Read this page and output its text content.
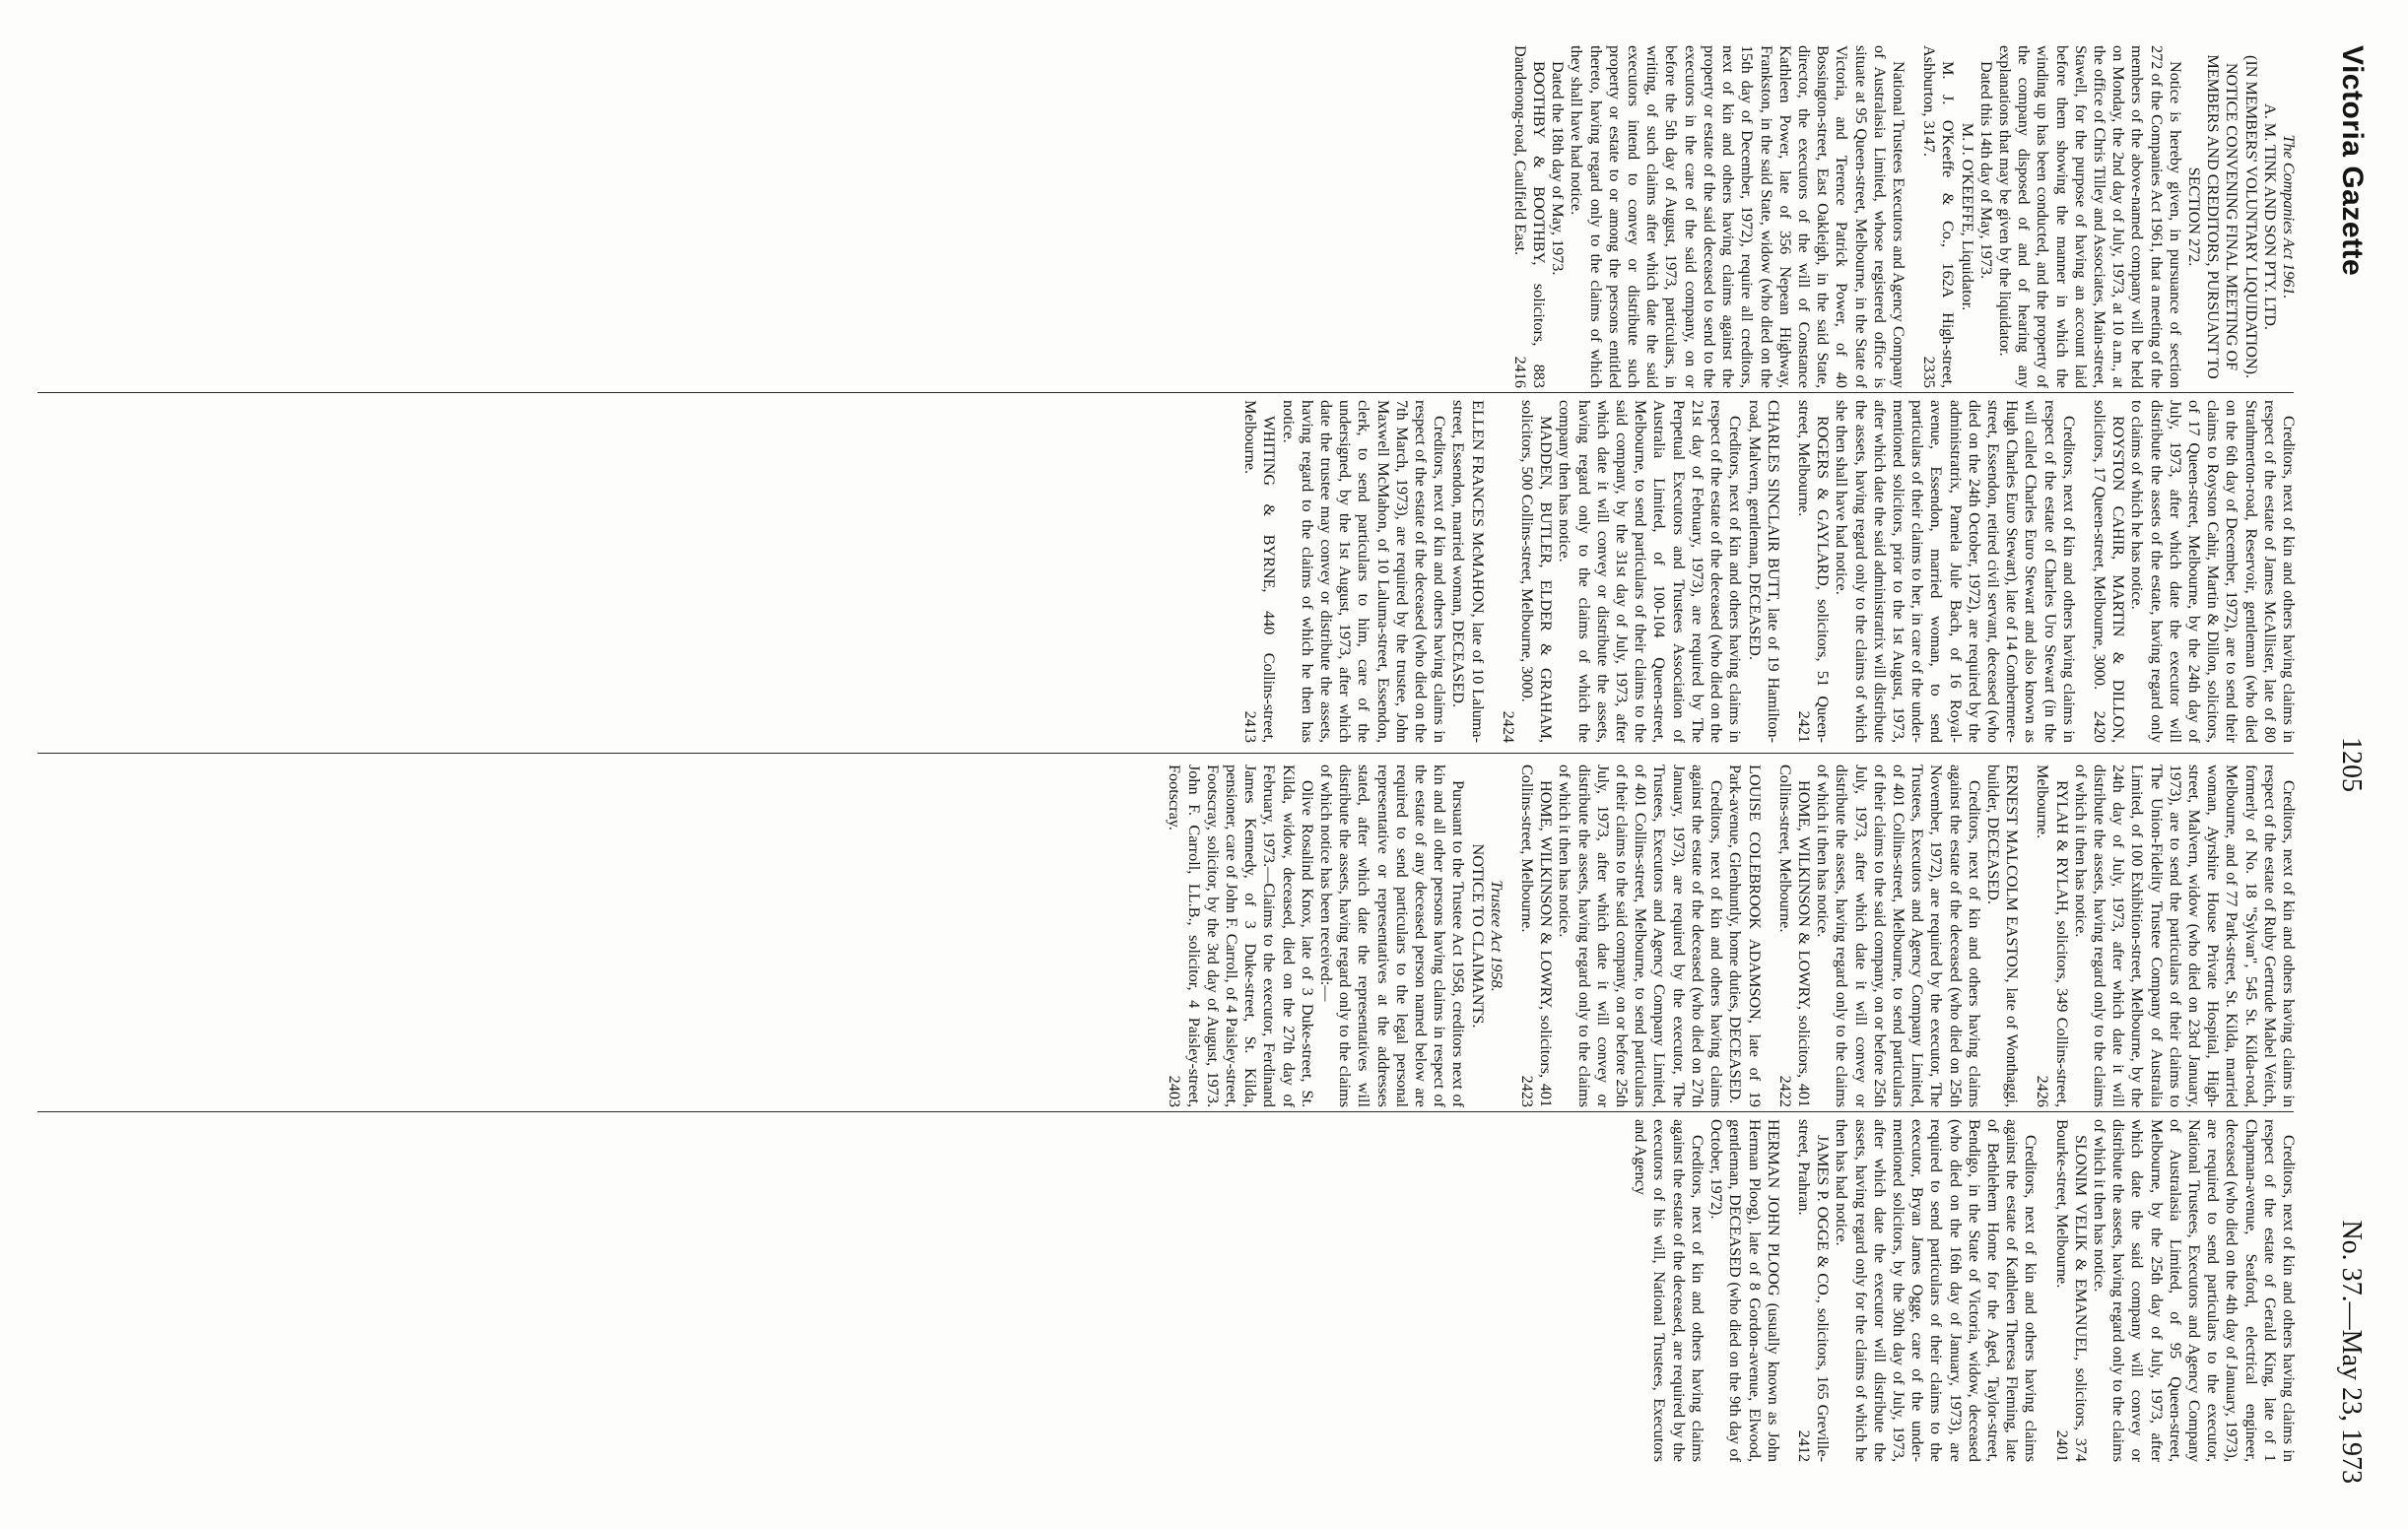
Victoria Gazette
1205
No. 37.—May 23, 1973

The Companies Act 1961.

A. M. TINK AND SON PTY. LTD.

(IN MEMBERS' VOLUNTARY LIQUIDATION).

NOTICE CONVENING FINAL MEETING OF MEMBERS AND CREDITORS, PURSUANT TO SECTION 272.

Notice is hereby given, in pursuance of section 272 of the Companies Act 1961, that a meeting of the members of the above-named company will be held on Monday, the 2nd day of July, 1973, at 10 a.m., at the office of Chris Tilley and Associates, Main-street, Stawell, for the purpose of having an account laid before them showing the manner in which the winding up has been conducted, and the property of the company disposed of and of hearing any explanations that may be given by the liquidator.

Dated this 14th day of May, 1973.

M. J. O'KEEFFE, Liquidator.

M. J. O'Keeffe & Co., 162A High-street, Ashburton, 3147.
2335

National Trustees Executors and Agency Company of Australasia Limited, whose registered office is situate at 95 Queen-street, Melbourne, in the State of Victoria, and Terence Patrick Power, of 40 Bossington-street, East Oakleigh, in the said State, director, the executors of the will of Constance Kathleen Power, late of 356 Nepean Highway, Frankston, in the said State, widow (who died on the 15th day of December, 1972), require all creditors, next of kin and others having claims against the property or estate of the said deceased to send to the executors in the care of the said company, on or before the 5th day of August, 1973, particulars, in writing, of such claims after which date the said executors intend to convey or distribute such property or estate to or among the persons entitled thereto, having regard only to the claims of which they shall have had notice.

Dated the 18th day of May, 1973.

BOOTHBY & BOOTHBY, solicitors, 883 Dandenong-road, Caulfield East.
2416

Creditors, next of kin and others having claims in respect of the estate of James McAllister, late of 80 Strathmerton-road, Reservoir, gentleman (who died on the 6th day of December, 1972), are to send their claims to Royston Cahir, Martin & Dillon, solicitors, of 17 Queen-street, Melbourne, by the 24th day of July, 1973, after which date the executor will distribute the assets of the estate, having regard only to claims of which he has notice.

ROYSTON CAHIR, MARTIN & DILLON, solicitors, 17 Queen-street, Melbourne, 3000.
2420

Creditors, next of kin and others having claims in respect of the estate of Charles Uro Stewart (in the will called Charles Euro Stewart and also known as Hugh Charles Euro Stewart), late of 14 Combermere-street, Essendon, retired civil servant, deceased (who died on the 24th October, 1972), are required by the administratrix, Pamela Jule Bach, of 16 Royal-avenue, Essendon, married woman, to send particulars of their claims to her, in care of the under-mentioned solicitors, prior to the 1st August, 1973, after which date the said administratrix will distribute the assets, having regard only to the claims of which she then shall have had notice.

ROGERS & GAYLARD, solicitors, 51 Queen-street, Melbourne.
2421

CHARLES SINCLAIR BUTT, late of 19 Hamilton-road, Malvern, gentleman, DECEASED.

Creditors, next of kin and others having claims in respect of the estate of the deceased (who died on the 21st day of February, 1973), are required by The Perpetual Executors and Trustees Association of Australia Limited, of 100-104 Queen-street, Melbourne, to send particulars of their claims to the said company, by the 31st day of July, 1973, after which date it will convey or distribute the assets, having regard only to the claims of which the company then has notice.

MADDEN, BUTLER, ELDER & GRAHAM, solicitors, 500 Collins-street, Melbourne, 3000.
2424

ELLEN FRANCES McMAHON, late of 10 Laluma-street, Essendon, married woman, DECEASED.

Creditors, next of kin and others having claims in respect of the estate of the deceased (who died on the 7th March, 1973), are required by the trustee, John Maxwell McMahon, of 10 Laluma-street, Essendon, clerk, to send particulars to him, care of the undersigned, by the 1st August, 1973, after which date the trustee may convey or distribute the assets, having regard to the claims of which he then has notice.

WHITING & BYRNE, 440 Collins-street, Melbourne.
2413

Creditors, next of kin and others having claims in respect of the estate of Ruby Gertrude Mabel Veitch, formerly of No. 18 "Sylvan", 545 St. Kilda-road, Melbourne, and of 77 Park-street, St. Kilda, married woman, Ayrshire House Private Hospital, High-street, Malvern, widow (who died on 23rd January, 1973), are to send the particulars of their claims to The Union-Fidelity Trustee Company of Australia Limited, of 100 Exhibition-street, Melbourne, by the 24th day of July, 1973, after which date it will distribute the assets, having regard only to the claims of which it then has notice.

RYLAH & RYLAH, solicitors, 349 Collins-street, Melbourne.
2426

ERNEST MALCOLM EASTON, late of Wonthaggi, builder, DECEASED.

Creditors, next of kin and others having claims against the estate of the deceased (who died on 25th November, 1972), are required by the executor, The Trustees, Executors and Agency Company Limited, of 401 Collins-street, Melbourne, to send particulars of their claims to the said company, on or before 25th July, 1973, after which date it will convey or distribute the assets, having regard only to the claims of which it then has notice.

HOME, WILKINSON & LOWRY, solicitors, 401 Collins-street, Melbourne.
2422

LOUISE COLEBROOK ADAMSON, late of 19 Park-avenue, Glenhuntly, home duties, DECEASED.

Creditors, next of kin and others having claims against the estate of the deceased (who died on 27th January, 1973), are required by the executor, The Trustees, Executors and Agency Company Limited, of 401 Collins-street, Melbourne, to send particulars of their claims to the said company, on or before 25th July, 1973, after which date it will convey or distribute the assets, having regard only to the claims of which it then has notice.

HOME, WILKINSON & LOWRY, solicitors, 401 Collins-street, Melbourne.
2423

Trustee Act 1958.

NOTICE TO CLAIMANTS.

Pursuant to the Trustee Act 1958, creditors next of kin and all other persons having claims in respect of the estate of any deceased person named below are required to send particulars to the legal personal representative or representatives at the addresses stated, after which date the representatives will distribute the assets, having regard only to the claims of which notice has been received:—

Olive Rosalind Knox, late of 3 Duke-street, St. Kilda, widow, deceased, died on the 27th day of February, 1973.—Claims to the executor, Ferdinand James Kennedy, of 3 Duke-street, St. Kilda, pensioner, care of John F. Carroll, of 4 Paisley-street, Footscray, solicitor, by the 3rd day of August, 1973. John F. Carroll, LL.B., solicitor, 4 Paisley-street, Footscray.
2403

Creditors, next of kin and others having claims in respect of the estate of Gerald King, late of 1 Chapman-avenue, Seaford, electrical engineer, deceased (who died on the 4th day of January, 1973), are required to send particulars to the executor, National Trustees, Executors and Agency Company of Australasia Limited, of 95 Queen-street, Melbourne, by the 25th day of July, 1973, after which date the said company will convey or distribute the assets, having regard only to the claims of which it then has notice.

SLONIM VELIK & EMANUEL, solicitors, 374 Bourke-street, Melbourne.
2401

Creditors, next of kin and others having claims against the estate of Kathleen Theresa Fleming, late of Bethlehem Home for the Aged, Taylor-street, Bendigo, in the State of Victoria, widow, deceased (who died on the 16th day of January, 1973), are required to send particulars of their claims to the executor, Bryan James Ogge, care of the under-mentioned solicitors, by the 30th day of July, 1973, after which date the executor will distribute the assets, having regard only for the claims of which he then has had notice.

JAMES P. OGGE & CO., solicitors, 165 Greville-street, Prahran.
2412

HERMAN JOHN PLOOG (usually known as John Herman Ploog), late of 8 Gordon-avenue, Elwood, gentleman, DECEASED (who died on the 9th day of October, 1972).

Creditors, next of kin and others having claims against the estate of the deceased, are required by the executors of his will, National Trustees, Executors and Agency
